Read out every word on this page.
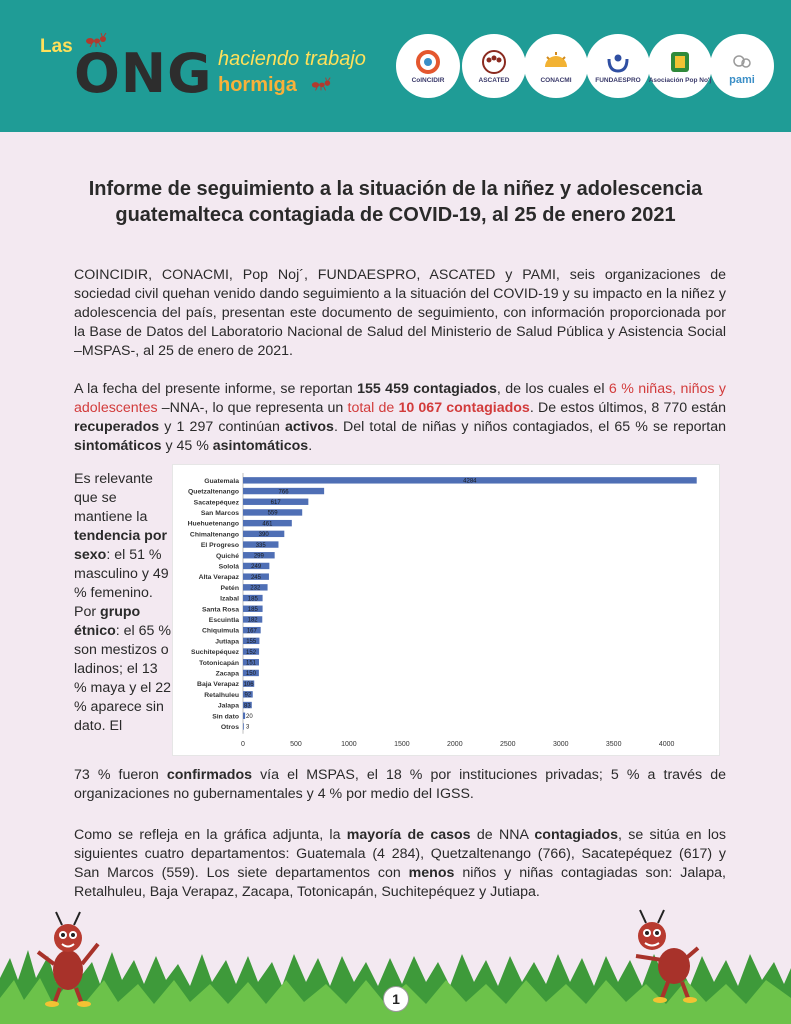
Las ONG haciendo trabajo
hormiga	CoINCIDIR	ASCATED	CONACMI	FUNDAESPRO Asociación Pop No'j pami
Informe de seguimiento a la situación de la niñez y adolescencia
guatemalteca contagiada de COVID-19, al 25 de enero 2021

COINCIDIR, CONACMI, Pop Noj´, FUNDAESPRO, ASCATED y PAMI, seis organizaciones de sociedad civil quehan venido dando seguimiento a la situación del COVID-19 y su impacto en la niñez y adolescencia del país, presentan este documento de seguimiento, con información proporcionada por la Base de Datos del Laboratorio Nacional de Salud del Ministerio de Salud Pública y Asistencia Social –MSPAS-, al 25 de enero de 2021.

A la fecha del presente informe, se reportan 155 459 contagiados, de los cuales el 6 % niñas, niños y adolescentes –NNA-, lo que representa un total de 10 067 contagiados. De estos últimos, 8 770 están recuperados y 1 297 continúan activos. Del total de niñas y niños contagiados, el 65 % se reportan sintomáticos y 45 % asintomáticos.

Es relevante que se mantiene la tendencia por sexo: el 51 % masculino y 49 % femenino. Por grupo étnico: el 65 % son mestizos o ladinos; el 13 % maya y el 22 % aparece sin dato. El

Guatemala	4284
Quetzaltenango	766
Sacatepéquez	617
San Marcos	559
Huehuetenango	461
Chimaltenango	390
El Progreso	335
Quiché 299
Sololá 249
Alta Verapaz 245
Petén 232
Izabal 185
Santa Rosa 185
Escuintla 182
Chiquimula 167
Jutiapa 155
Suchitepéquez 152
Totonicapán 151
Zacapa 150
Baja Verapaz 106
Retalhuleu 92
Jalapa 83
Sin dato 20
Otros 3
0	500	1000	1500	2000	2500	3000	3500	4000

73 % fueron confirmados vía el MSPAS, el 18 % por instituciones privadas; 5 % a través de organizaciones no gubernamentales y 4 % por medio del IGSS.

Como se refleja en la gráfica adjunta, la mayoría de casos de NNA contagiados, se sitúa en los siguientes cuatro departamentos: Guatemala (4 284), Quetzaltenango (766), Sacatepéquez (617) y San Marcos (559). Los siete departamentos con menos niños y niñas contagiadas son: Jalapa, Retalhuleu, Baja Verapaz, Zacapa, Totonicapán, Suchitepéquez y Jutiapa.

1
